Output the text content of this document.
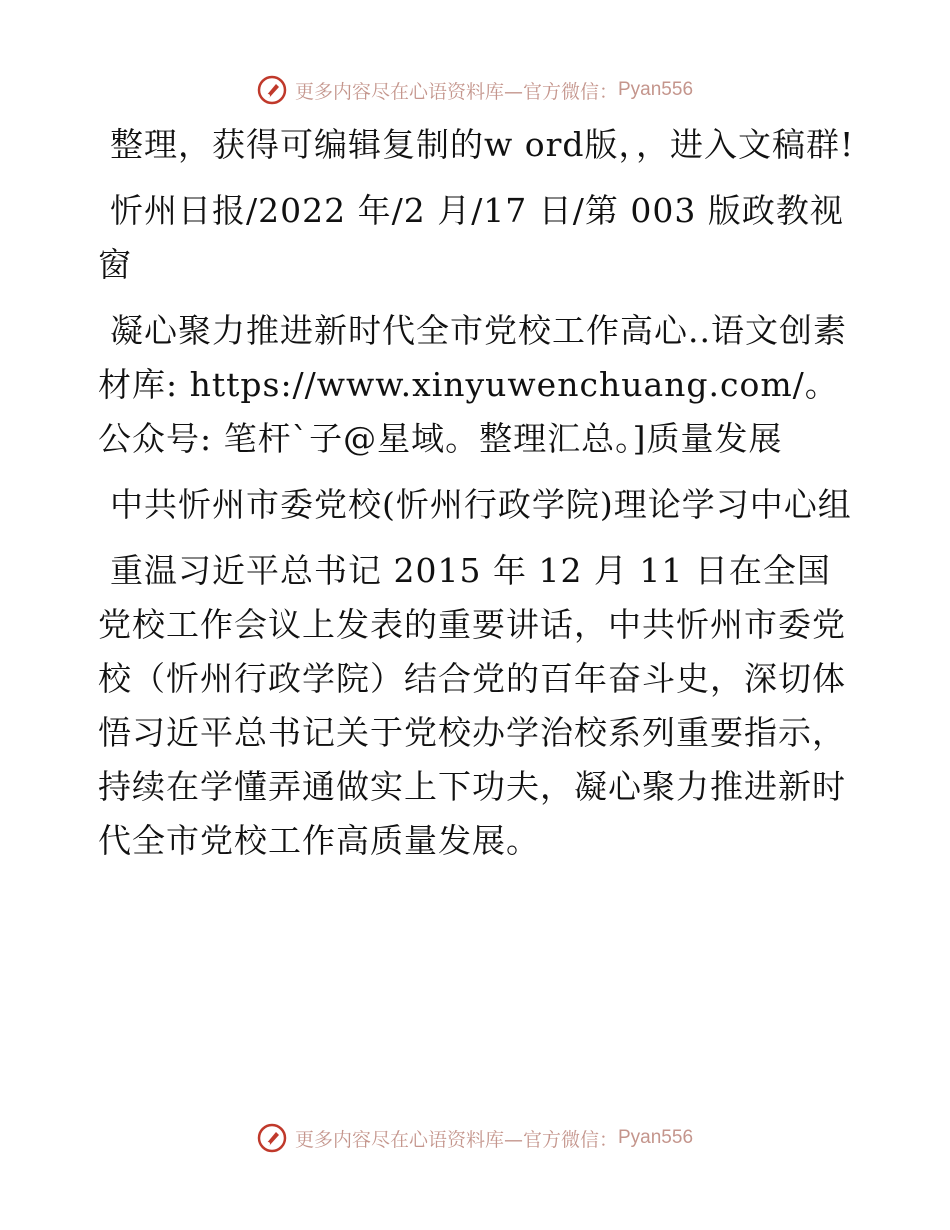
更多内容尽在心语资料库—官方微信： Pyan556

整理，获得可编辑复制的w ord版，，进入文稿群!

忻州日报/2022 年/2 月/17 日/第 003 版政教视窗

凝心聚力推进新时代全市党校工作高心..语文创素材库: https://www.xinyuwenchuang.com/。公众号: 笔杆`子@星域。整理汇总。]质量发展

中共忻州市委党校(忻州行政学院)理论学习中心组

重温习近平总书记 2015 年 12 月 11 日在全国党校工作会议上发表的重要讲话，中共忻州市委党校（忻州行政学院）结合党的百年奋斗史，深切体悟习近平总书记关于党校办学治校系列重要指示，持续在学懂弄通做实上下功夫，凝心聚力推进新时代全市党校工作高质量发展。

更多内容尽在心语资料库—官方微信： Pyan556
